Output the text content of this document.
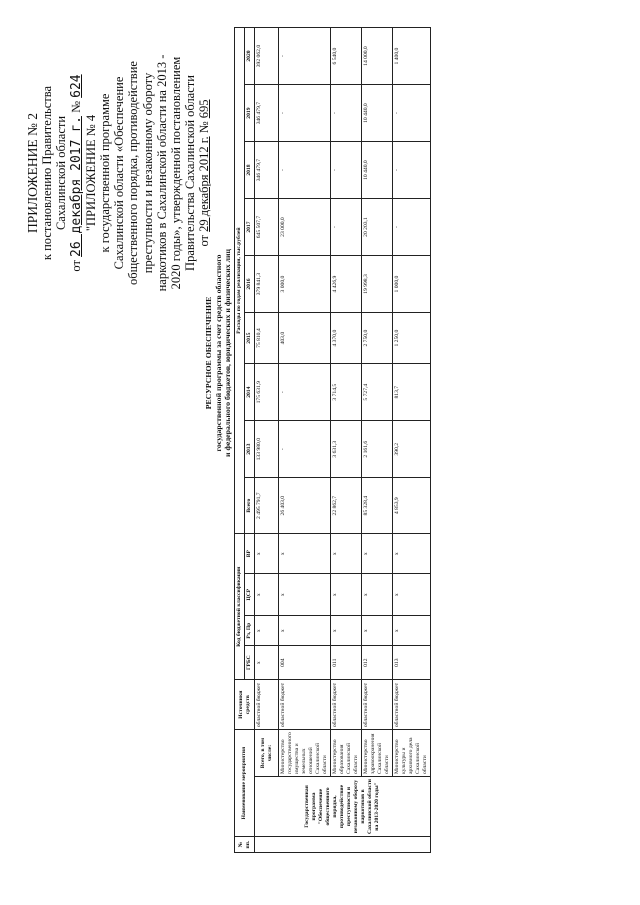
ПРИЛОЖЕНИЕ № 2 к постановлению Правительства Сахалинской области
от 26 декабря 2017 г. № 624
"ПРИЛОЖЕНИЕ № 4 к государственной программе Сахалинской области «Обеспечение общественного порядка, противодействие преступности и незаконному обороту наркотиков в Сахалинской области на 2013 - 2020 годы», утвержденной постановлением Правительства Сахалинской области от 29 декабря 2012 г. № 695
РЕСУРСНОЕ ОБЕСПЕЧЕНИЕ государственной программы за счет средств областного и федерального бюджетов, юридических и физических лиц
№ пп.	Наименование мероприятия		Источники средств	Код бюджетной классификации				Расходы по годам реализации, тыс.рублей								
				ГРБС	Рз, Пр	ЦСР	ВР	Всего	2013	2014	2015	2016	2017	2018	2019	2020
	Государственная программа "Обеспечение общественного порядка, противодействие преступности и незаконному обороту наркотиков в Сахалинской области на 2013-2020 годы"	Всего, в том числе:	областной бюджет	х	х	х	х	2 495 791,7	133 980,0	175 631,9	75 810,4	379 841,3	645 507,7	346 479,7	346 479,7	392 062,0
		Министерство государственного имущества и земельных отношений Сахалинской области	областной бюджет	004	х	х	х	26 403,0	-	-	403,0	3 000,0	23 000,0	-	-	-
		Министерство образования Сахалинской области	областной бюджет	011	х	х	х	22 862,7	3 631,3	3 714,5	4 370,0	4 426,9	-	-	-	6 540,0
		Министерство здравоохранения Сахалинской области	областной бюджет	012	х	х	х	85 328,4	2 161,6	5 727,4	2 750,0	19 998,3	20 203,1	10 440,0	10 440,0	14 000,0
		Министерство культуры и архивного дела Сахалинской области	областной бюджет	013	х	х	х	4 853,9	390,2	813,7	1 250,0	1 000,0	-	-	-	1 400,0
